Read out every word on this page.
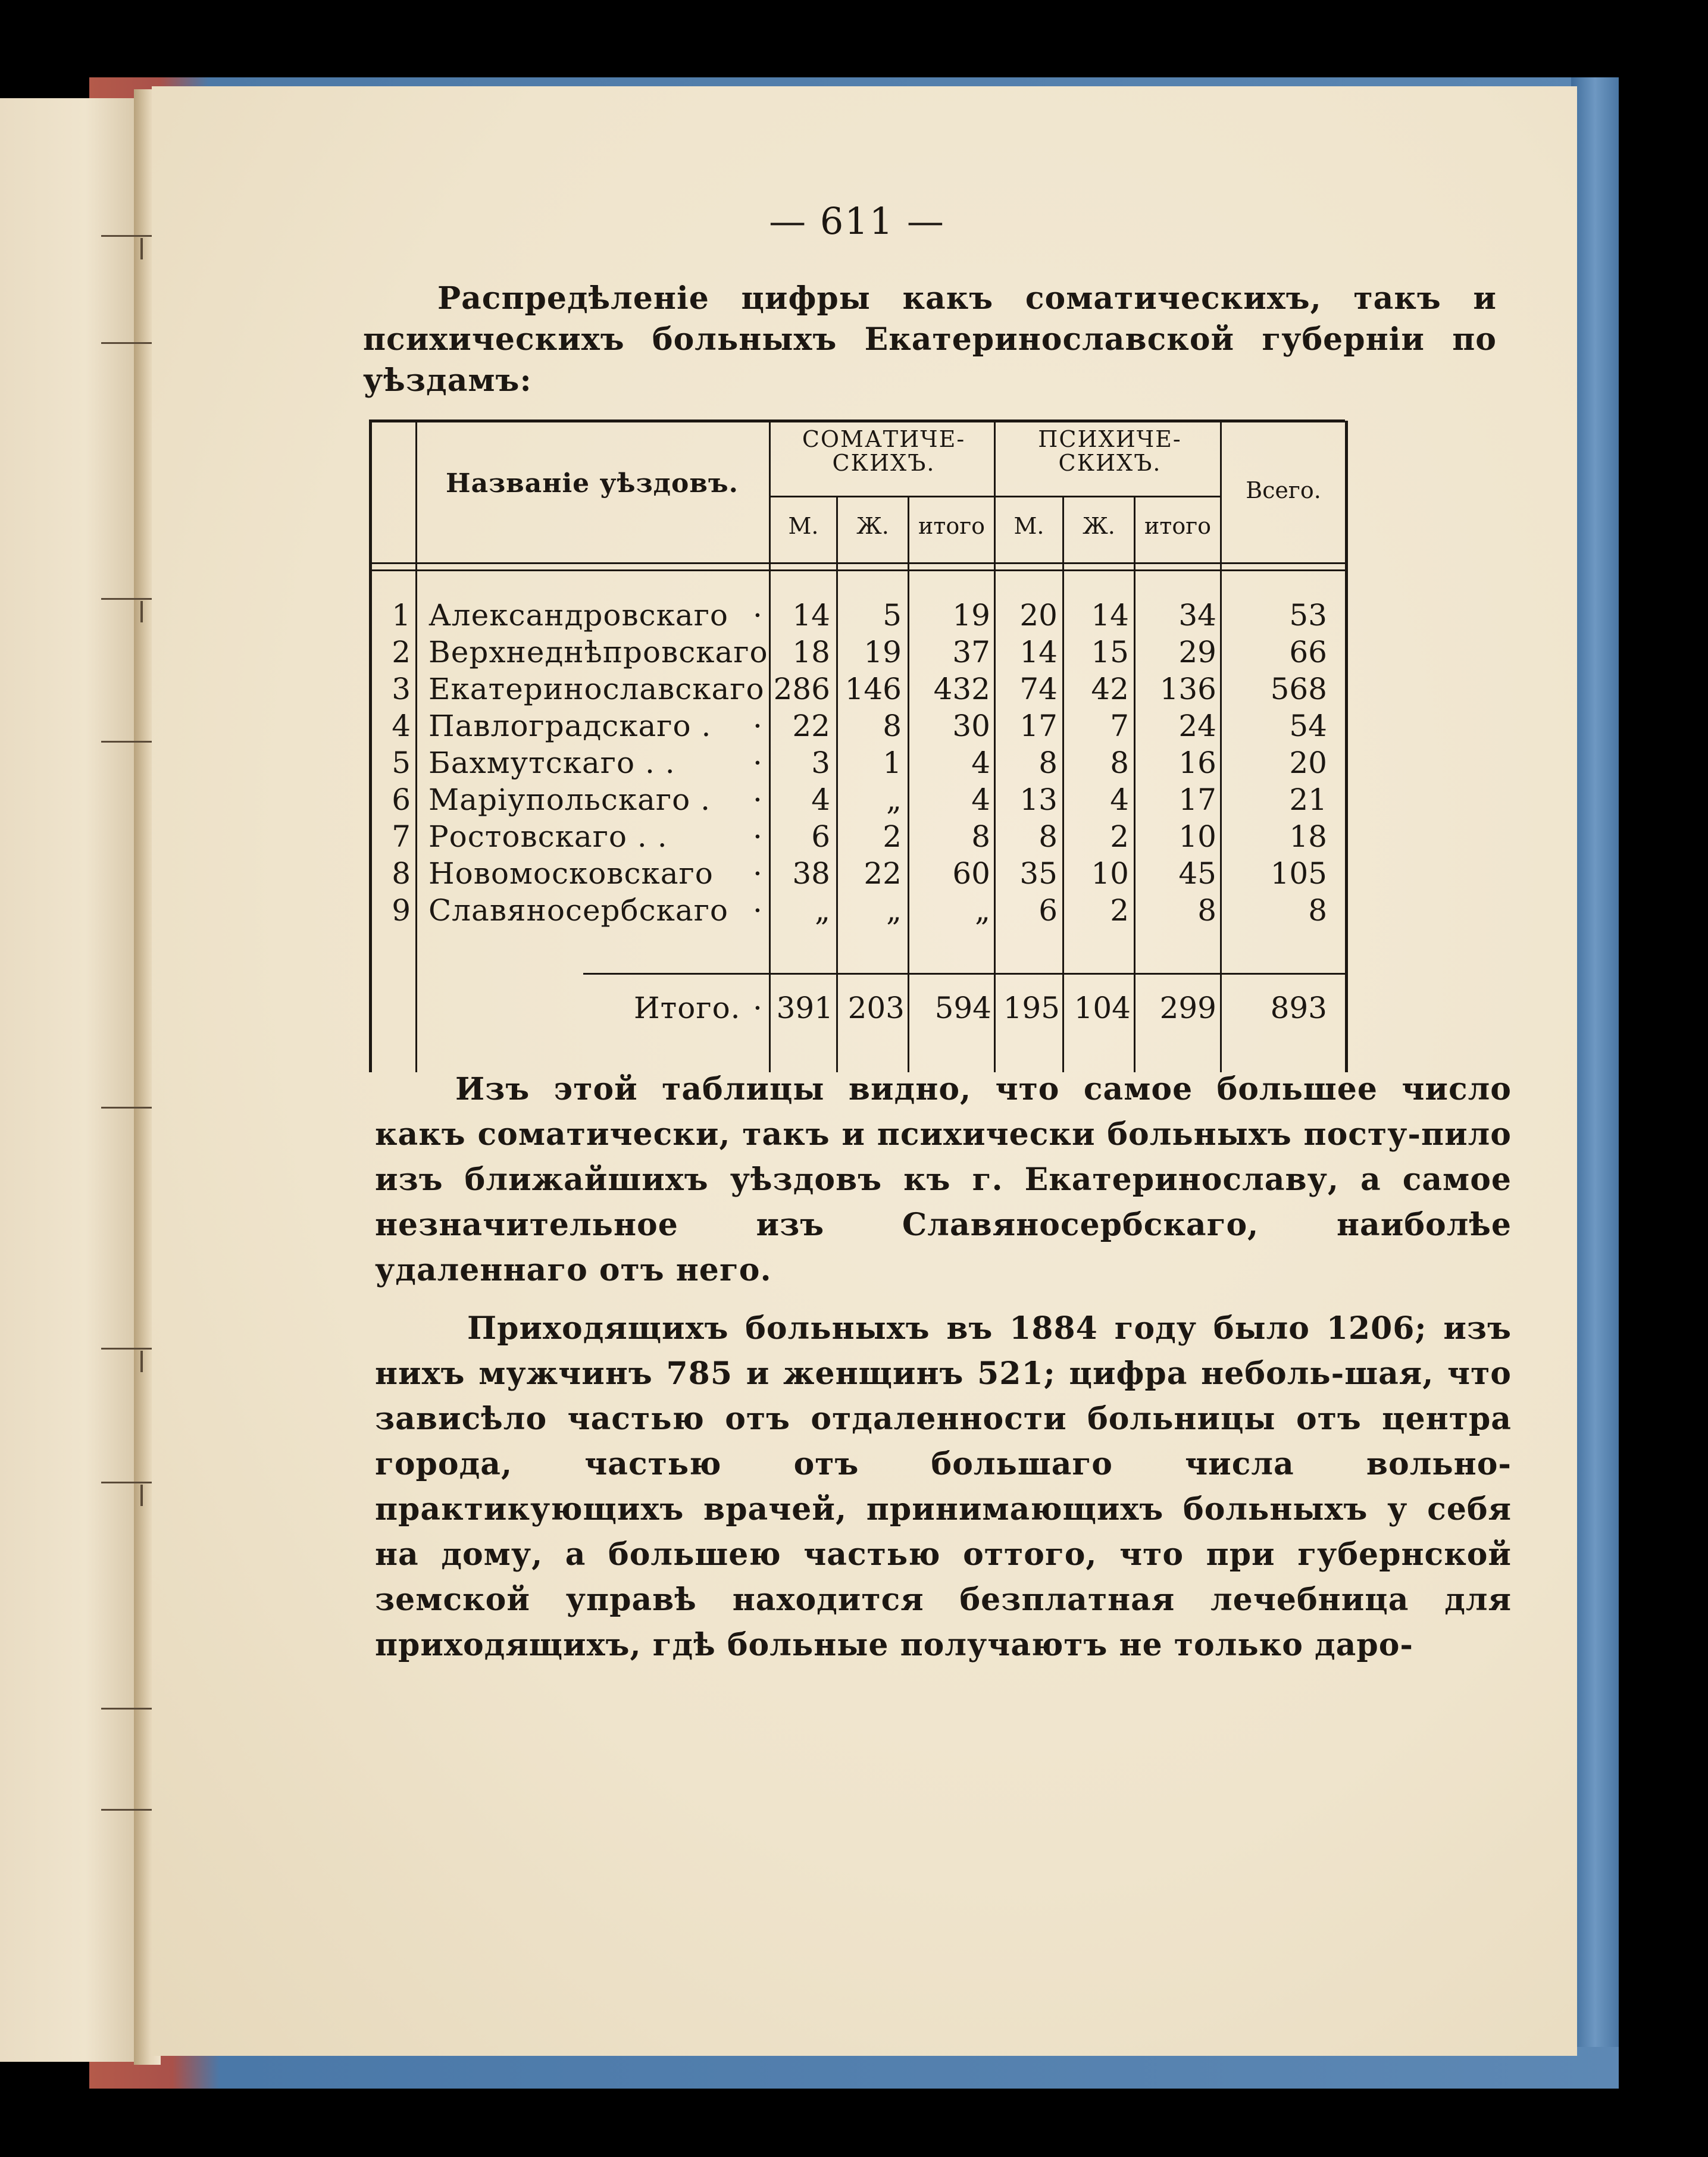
— 611 —

Распредѣленіе цифры какъ соматическихъ, такъ и психическихъ больныхъ Екатеринославской губерніи по уѣздамъ:

Названіе уѣздовъ.
СОМАТИЧЕ-СКИХЪ.
ПСИХИЧЕ-СКИХЪ.
Всего.
М.	Ж.	итого	М.	Ж.	итого
1 Александровскаго ·	14	5	19 20	14	34	53
2 Верхнеднѣпровскаго 18	19	37 14	15	29	66
3 Екатеринославскаго 286 146	432 74	42	136	568
4 Павлоградскаго . ·	22	8	30 17	7	24	54
5 Бахмутскаго . .	·	3	1	4	8	8	16	20
6 Маріупольскаго . ·	4	„	4 13	4	17	21
7 Ростовскаго . .	·	6	2	8	8	2	10	18
8 Новомосковскаго ·	38	22	60 35	10	45	105
9 Славяносербскаго ·	„	„	„	6	2	8	8
Итого. · 391 203	594 195 104 299	893

Изъ этой таблицы видно, что самое большее число какъ соматически, такъ и психически больныхъ посту-пило изъ ближайшихъ уѣздовъ къ г. Екатеринославу, а самое незначительное изъ Славяносербскаго, наиболѣе удаленнаго отъ него.

Приходящихъ больныхъ въ 1884 году было 1206; изъ нихъ мужчинъ 785 и женщинъ 521; цифра неболь-шая, что зависѣло частью отъ отдаленности больницы отъ центра города, частью отъ большаго числа вольно-практикующихъ врачей, принимающихъ больныхъ у себя на дому, а большею частью оттого, что при губернской земской управѣ находится безплатная лечебница для приходящихъ, гдѣ больные получаютъ не только даро-
